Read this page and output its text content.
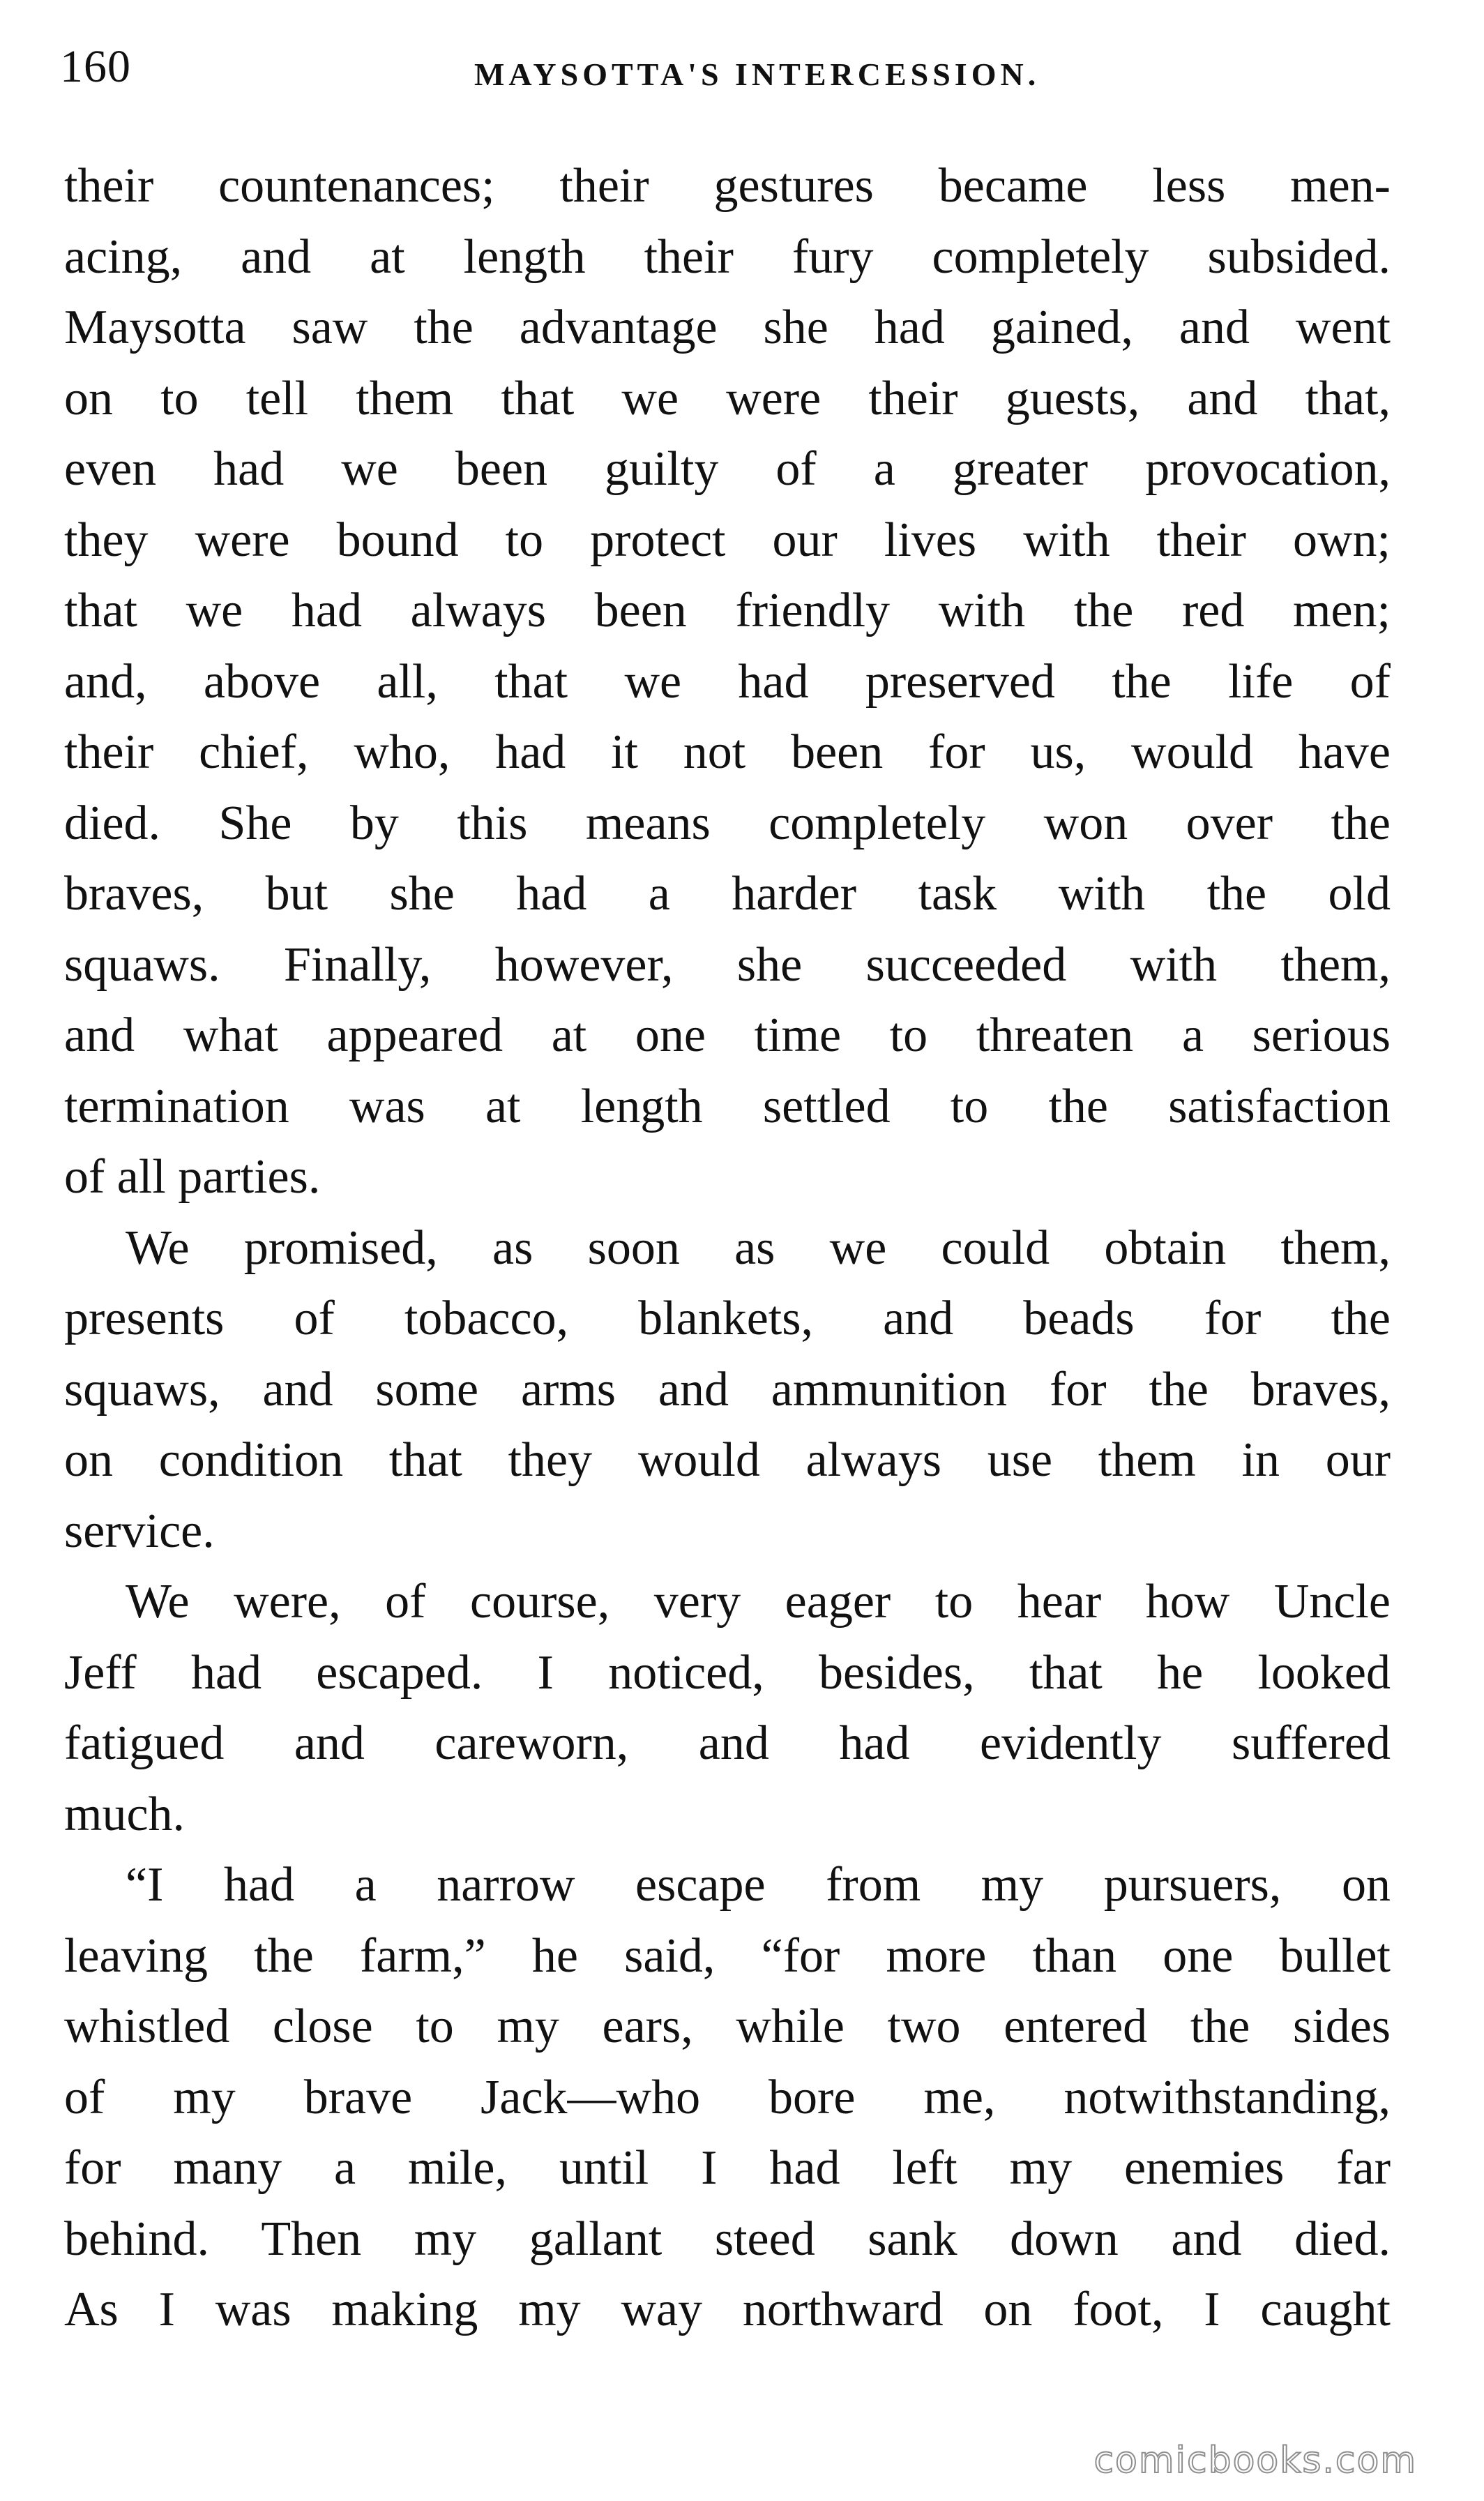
160	MAYSOTTA'S INTERCESSION.
their countenances; their gestures became less men-
acing, and at length their fury completely subsided.
Maysotta saw the advantage she had gained, and went
on to tell them that we were their guests, and that,
even had we been guilty of a greater provocation,
they were bound to protect our lives with their own;
that we had always been friendly with the red men;
and, above all, that we had preserved the life of
their chief, who, had it not been for us, would have
died. She by this means completely won over the
braves, but she had a harder task with the old
squaws. Finally, however, she succeeded with them,
and what appeared at one time to threaten a serious
termination was at length settled to the satisfaction
of all parties.
We promised, as soon as we could obtain them,
presents of tobacco, blankets, and beads for the
squaws, and some arms and ammunition for the braves,
on condition that they would always use them in our
service.
We were, of course, very eager to hear how Uncle
Jeff had escaped. I noticed, besides, that he looked
fatigued and careworn, and had evidently suffered
much.
“I had a narrow escape from my pursuers, on
leaving the farm,” he said, “for more than one bullet
whistled close to my ears, while two entered the sides
of my brave Jack—who bore me, notwithstanding,
for many a mile, until I had left my enemies far
behind. Then my gallant steed sank down and died.
As I was making my way northward on foot, I caught
comicbooks.com
